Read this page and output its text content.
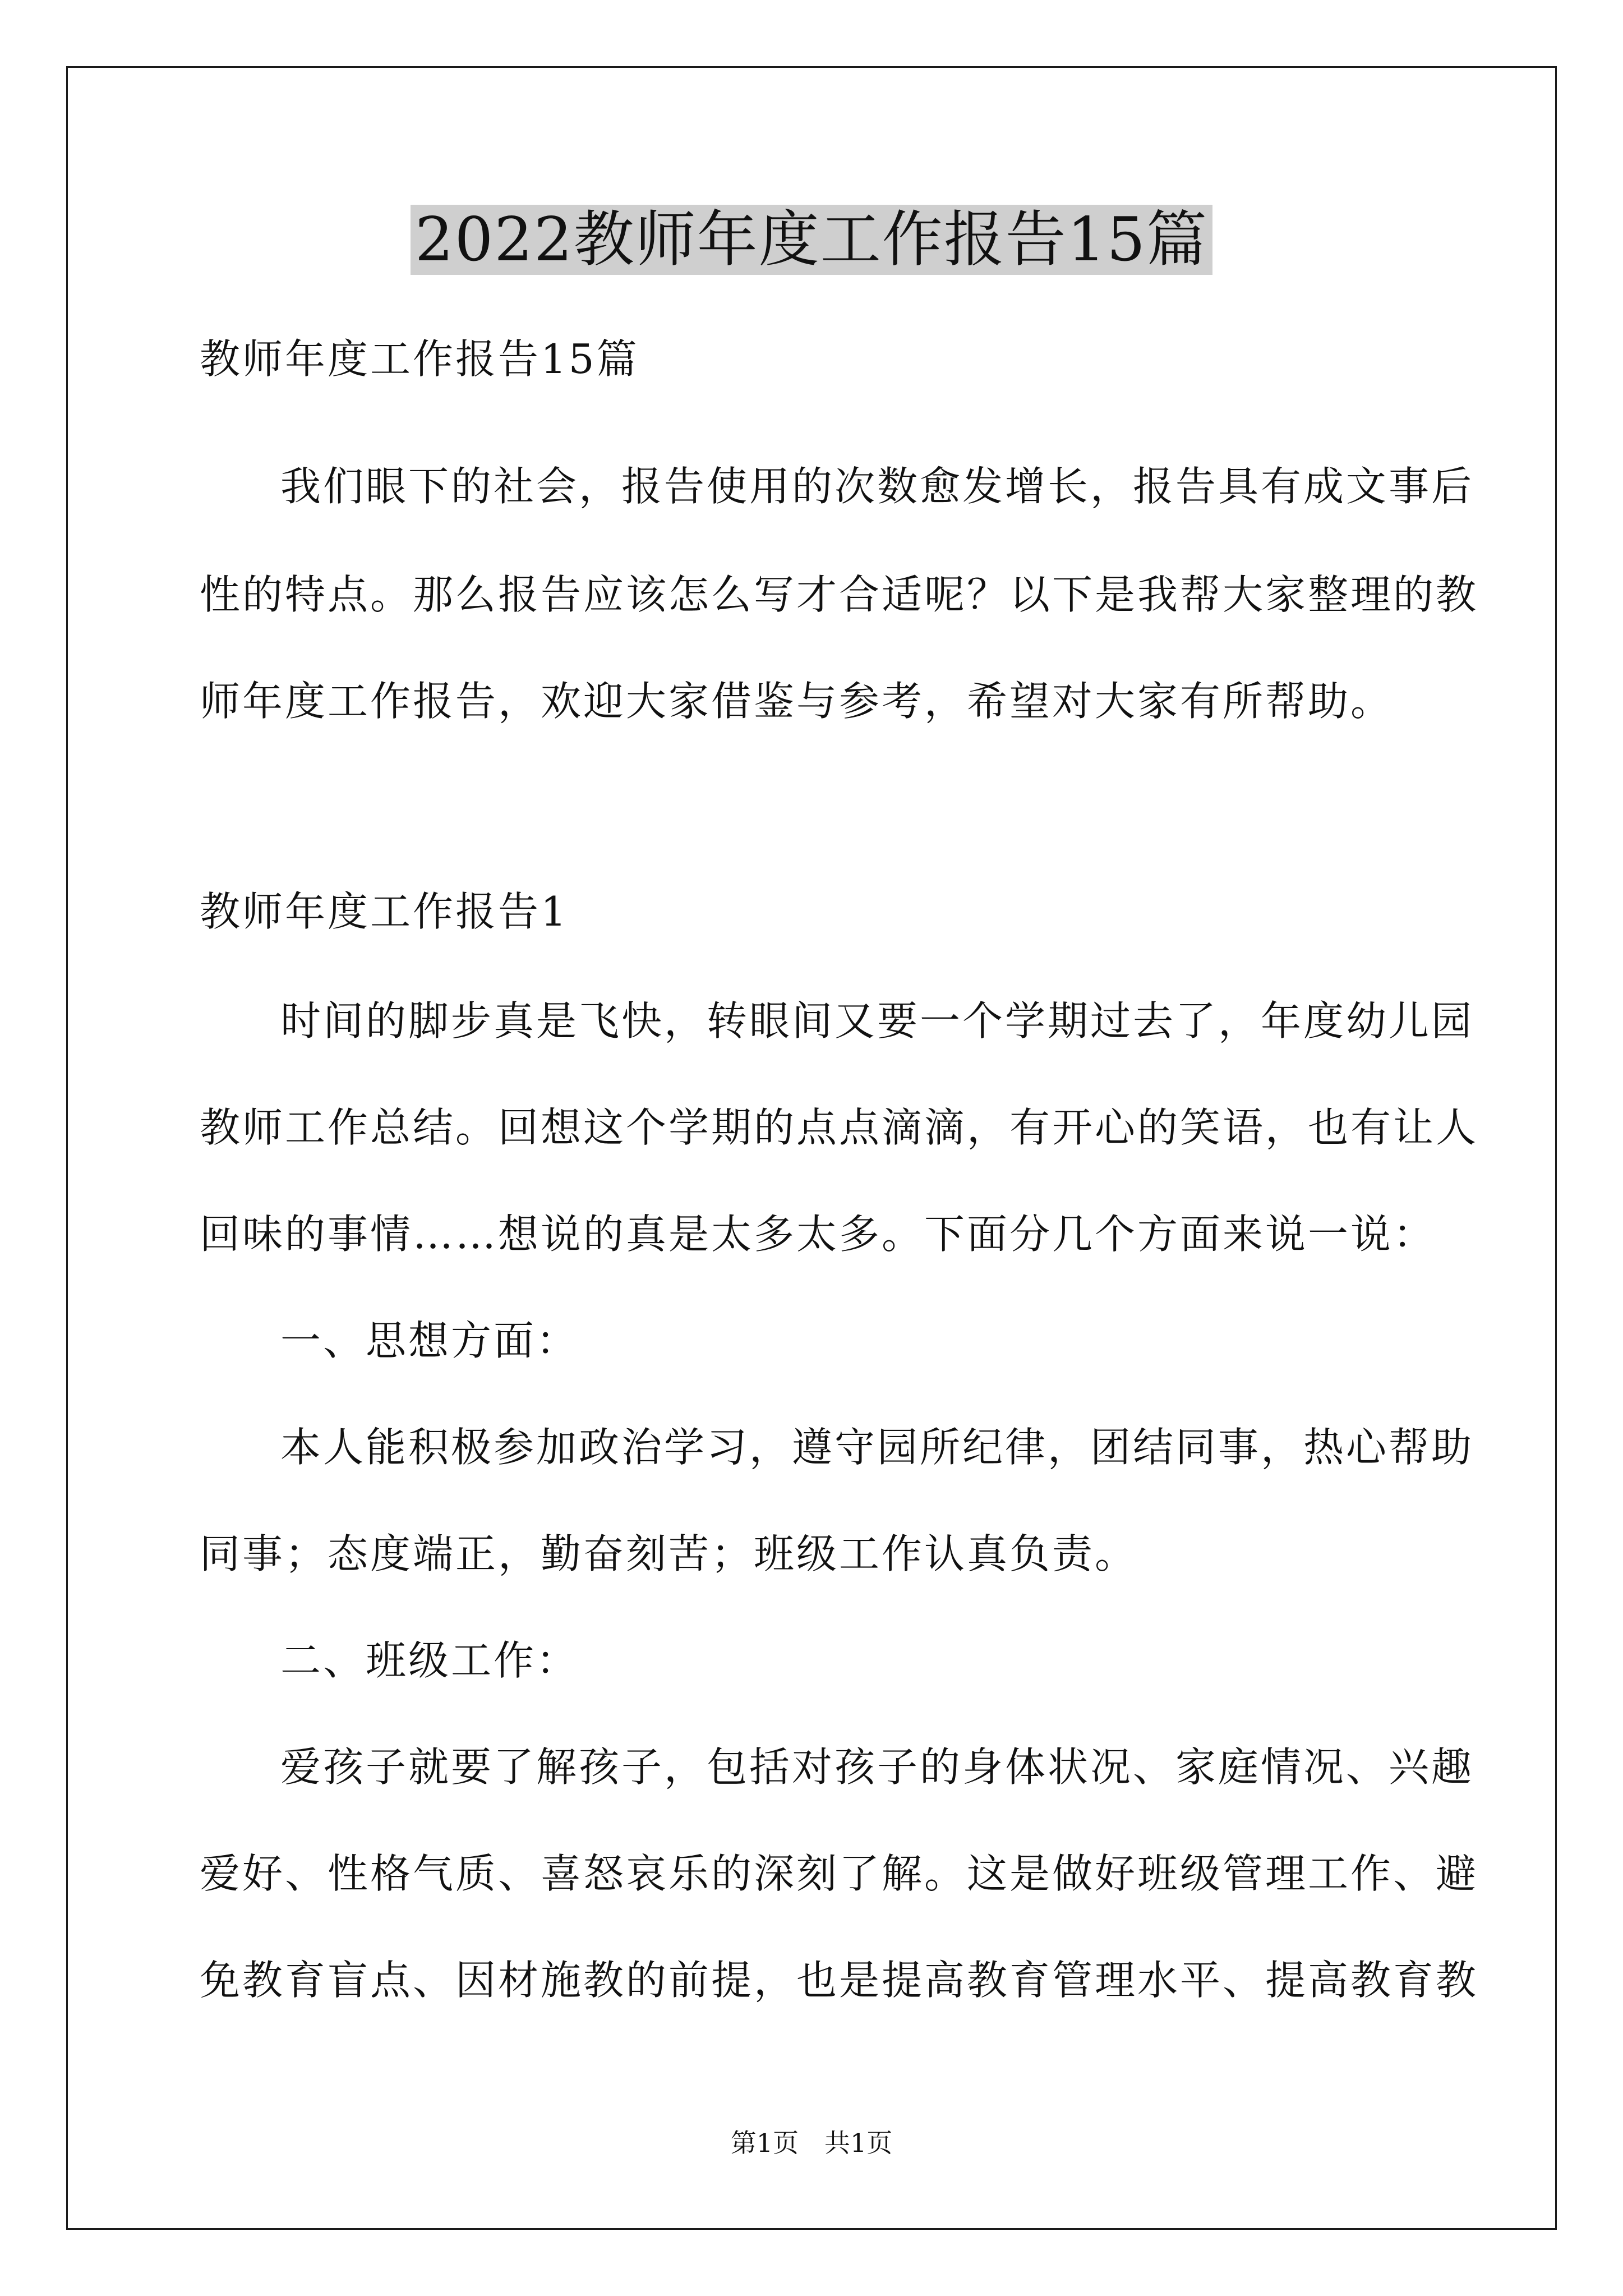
2022教师年度工作报告15篇
教师年度工作报告15篇
我们眼下的社会，报告使用的次数愈发增长，报告具有成文事后
性的特点。那么报告应该怎么写才合适呢？以下是我帮大家整理的教
师年度工作报告，欢迎大家借鉴与参考，希望对大家有所帮助。
教师年度工作报告1
时间的脚步真是飞快，转眼间又要一个学期过去了，年度幼儿园
教师工作总结。回想这个学期的点点滴滴，有开心的笑语，也有让人
回味的事情……想说的真是太多太多。下面分几个方面来说一说：
一、思想方面：
本人能积极参加政治学习，遵守园所纪律，团结同事，热心帮助
同事；态度端正，勤奋刻苦；班级工作认真负责。
二、班级工作：
爱孩子就要了解孩子，包括对孩子的身体状况、家庭情况、兴趣
爱好、性格气质、喜怒哀乐的深刻了解。这是做好班级管理工作、避
免教育盲点、因材施教的前提，也是提高教育管理水平、提高教育教
第1页　共1页
